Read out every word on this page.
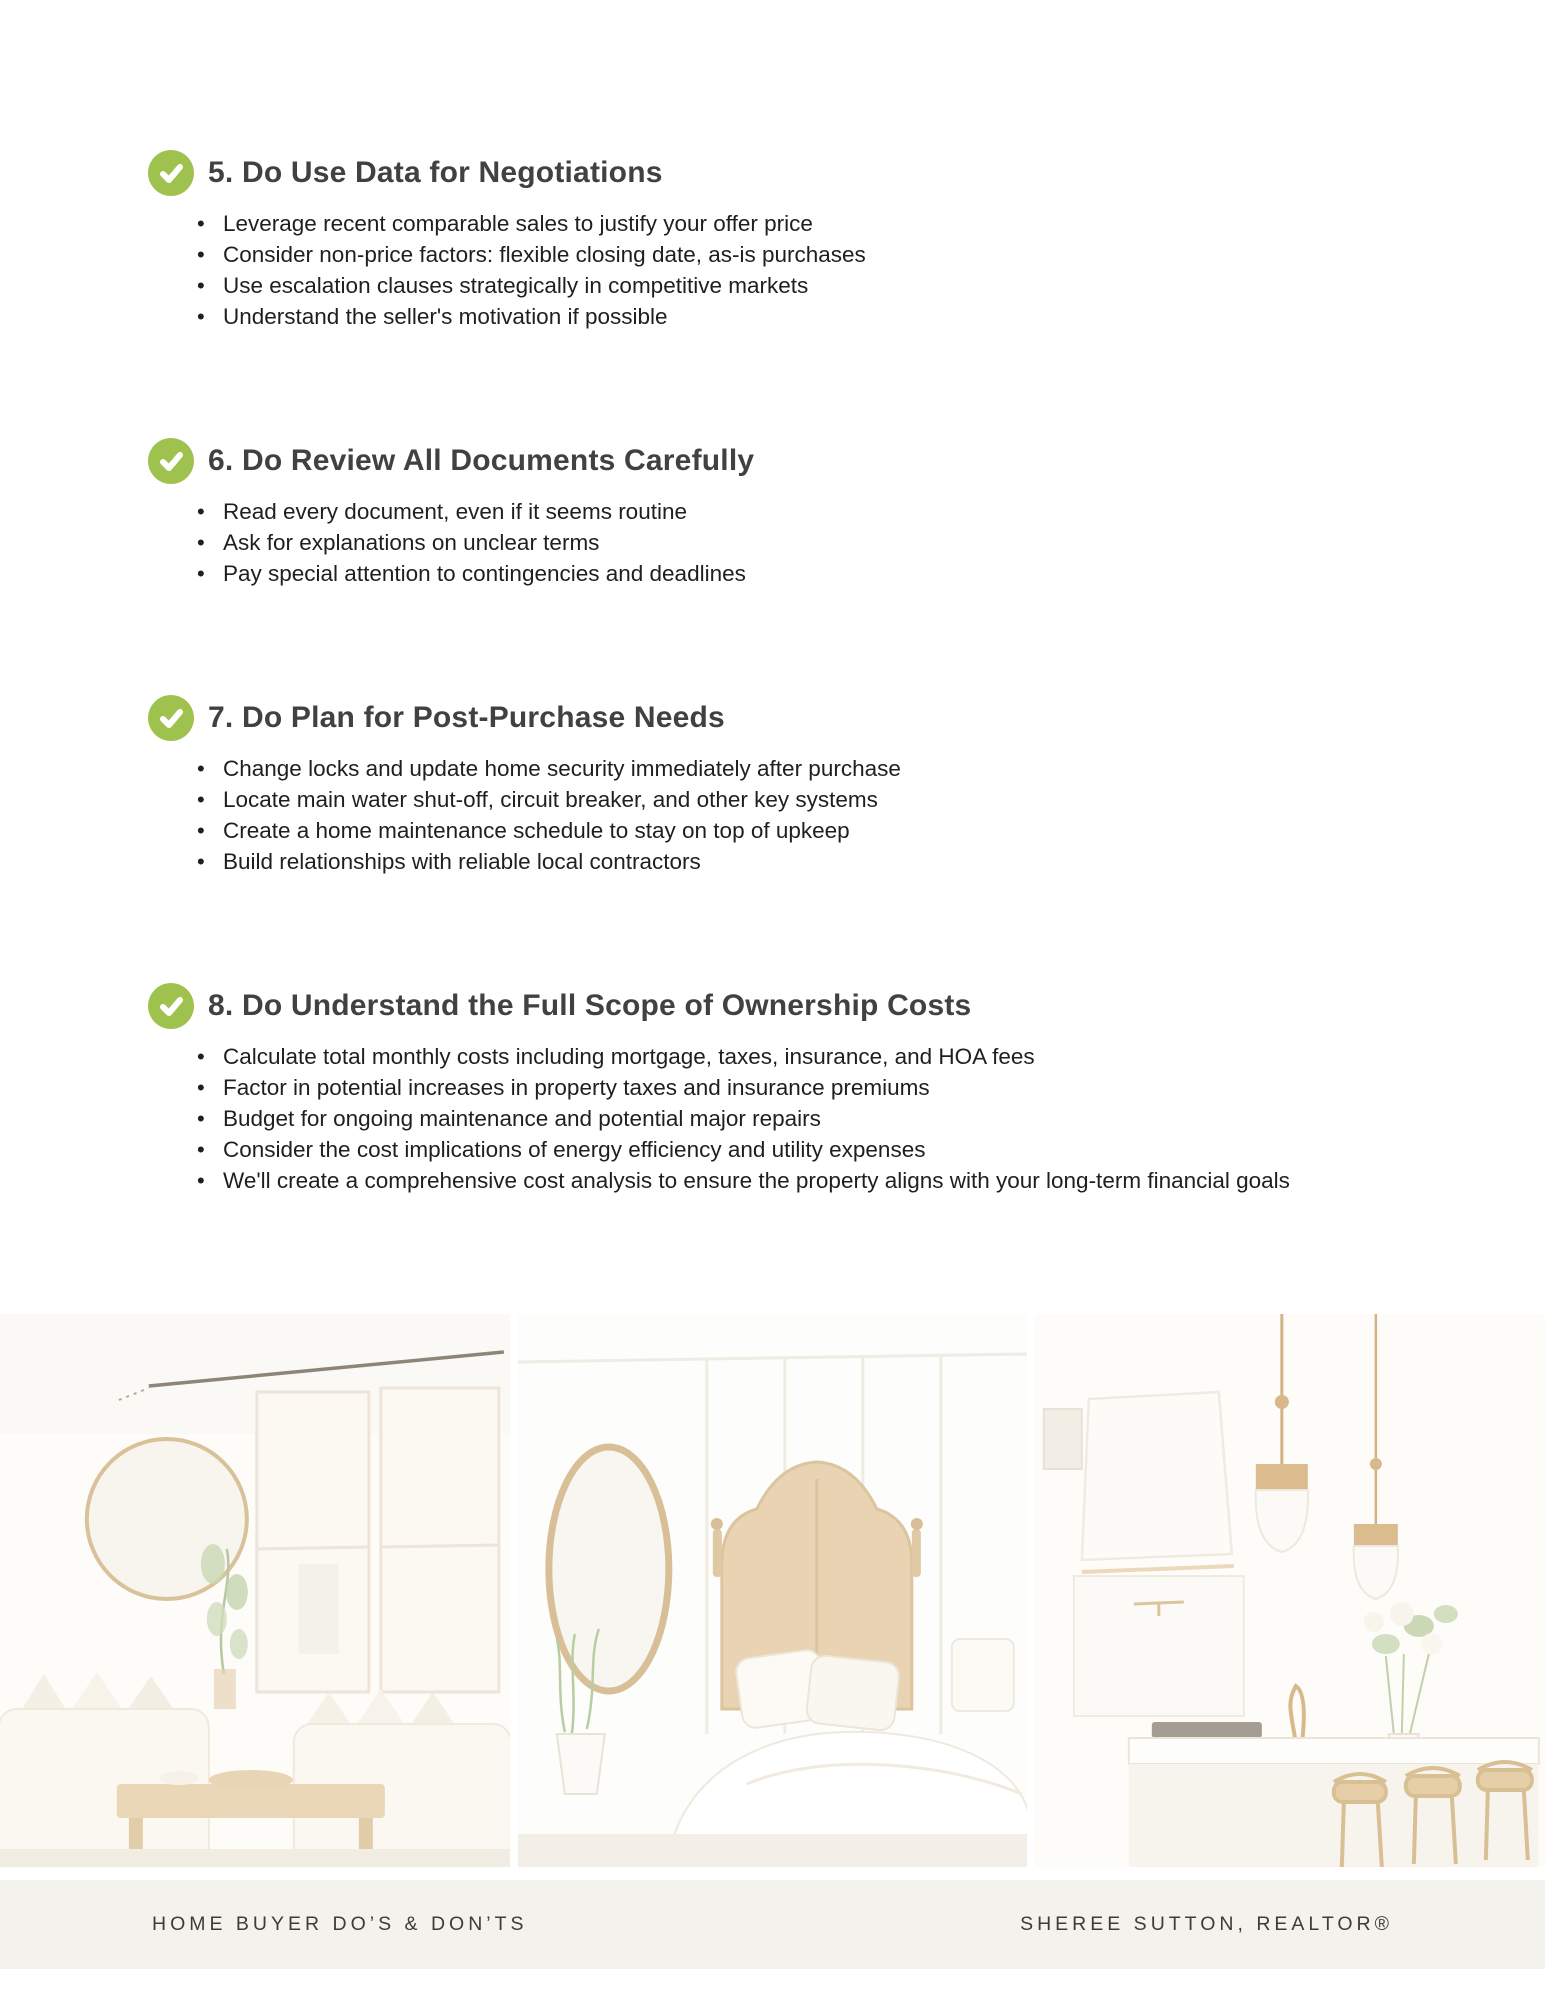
5. Do Use Data for Negotiations
• Leverage recent comparable sales to justify your offer price
• Consider non-price factors: flexible closing date, as-is purchases
• Use escalation clauses strategically in competitive markets
• Understand the seller's motivation if possible
6. Do Review All Documents Carefully
• Read every document, even if it seems routine
• Ask for explanations on unclear terms
• Pay special attention to contingencies and deadlines
7. Do Plan for Post-Purchase Needs
• Change locks and update home security immediately after purchase
• Locate main water shut-off, circuit breaker, and other key systems
• Create a home maintenance schedule to stay on top of upkeep
• Build relationships with reliable local contractors
8. Do Understand the Full Scope of Ownership Costs
• Calculate total monthly costs including mortgage, taxes, insurance, and HOA fees
• Factor in potential increases in property taxes and insurance premiums
• Budget for ongoing maintenance and potential major repairs
• Consider the cost implications of energy efficiency and utility expenses
• We'll create a comprehensive cost analysis to ensure the property aligns with your long-term financial goals
HOME BUYER DO’S & DON’TS	SHEREE SUTTON, REALTOR®
